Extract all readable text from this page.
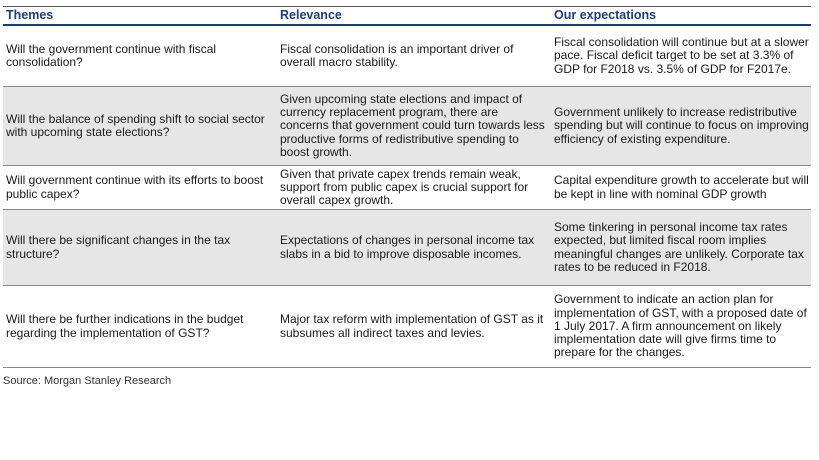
Themes	Relevance	Our expectations
Will the government continue with fiscal consolidation?
Fiscal consolidation is an important driver of overall macro stability.
Fiscal consolidation will continue but at a slower pace. Fiscal deficit target to be set at 3.3% of GDP for F2018 vs. 3.5% of GDP for F2017e.
Will the balance of spending shift to social sector with upcoming state elections?
Given upcoming state elections and impact of currency replacement program, there are concerns that government could turn towards less productive forms of redistributive spending to boost growth.
Government unlikely to increase redistributive spending but will continue to focus on improving efficiency of existing expenditure.
Will government continue with its efforts to boost public capex?
Given that private capex trends remain weak, support from public capex is crucial support for overall capex growth.
Capital expenditure growth to accelerate but will be kept in line with nominal GDP growth
Will there be significant changes in the tax structure?
Expectations of changes in personal income tax slabs in a bid to improve disposable incomes.
Some tinkering in personal income tax rates expected, but limited fiscal room implies meaningful changes are unlikely. Corporate tax rates to be reduced in F2018.
Will there be further indications in the budget regarding the implementation of GST?
Major tax reform with implementation of GST as it subsumes all indirect taxes and levies.
Government to indicate an action plan for implementation of GST, with a proposed date of 1 July 2017. A firm announcement on likely implementation date will give firms time to prepare for the changes.
Source: Morgan Stanley Research
